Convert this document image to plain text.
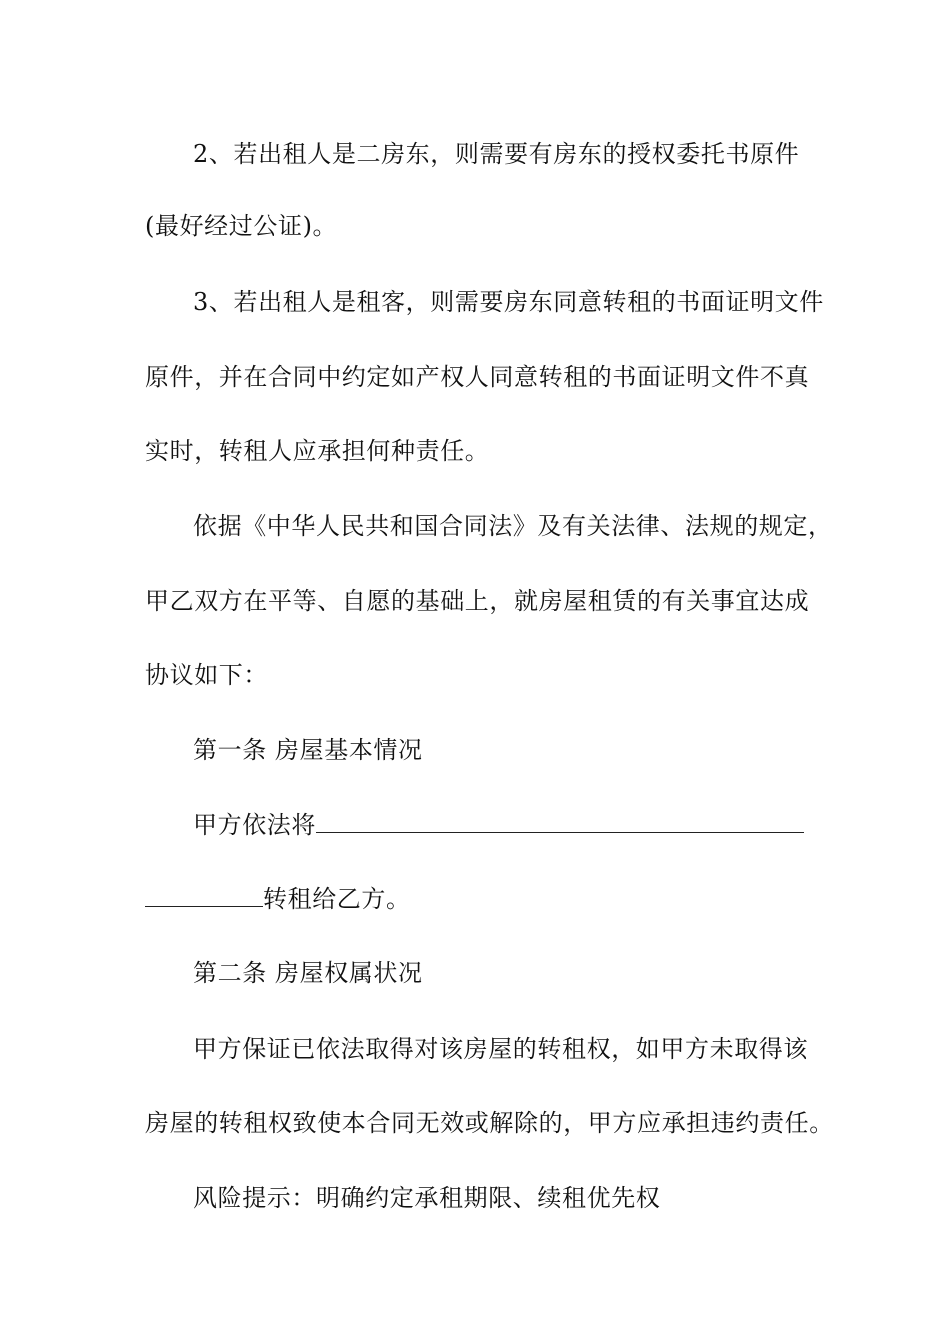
2、若出租人是二房东，则需要有房东的授权委托书原件
(最好经过公证)。
3、若出租人是租客，则需要房东同意转租的书面证明文件
原件，并在合同中约定如产权人同意转租的书面证明文件不真
实时，转租人应承担何种责任。
依据《中华人民共和国合同法》及有关法律、法规的规定，
甲乙双方在平等、自愿的基础上，就房屋租赁的有关事宜达成
协议如下：
第一条 房屋基本情况
甲方依法将
转租给乙方。
第二条 房屋权属状况
甲方保证已依法取得对该房屋的转租权，如甲方未取得该
房屋的转租权致使本合同无效或解除的，甲方应承担违约责任。
风险提示：明确约定承租期限、续租优先权
